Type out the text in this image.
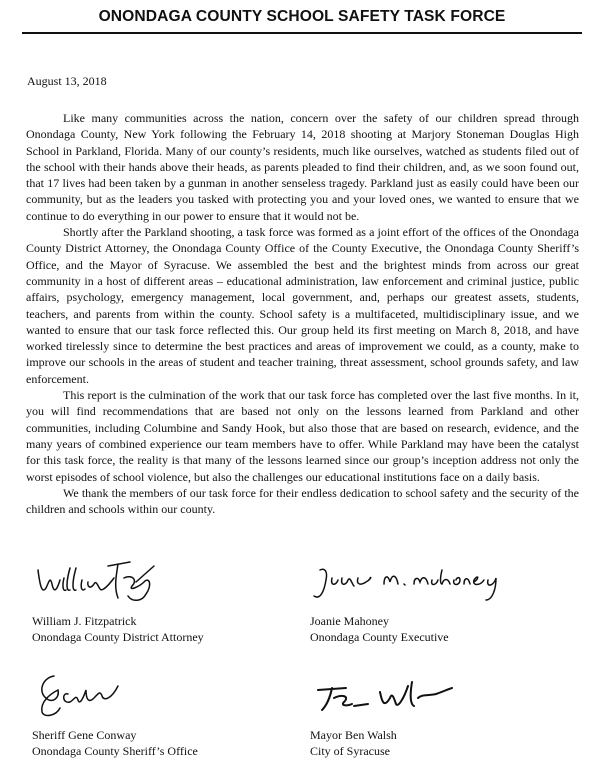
ONONDAGA COUNTY SCHOOL SAFETY TASK FORCE
August 13, 2018

Like many communities across the nation, concern over the safety of our children spread through Onondaga County, New York following the February 14, 2018 shooting at Marjory Stoneman Douglas High School in Parkland, Florida. Many of our county’s residents, much like ourselves, watched as students filed out of the school with their hands above their heads, as parents pleaded to find their children, and, as we soon found out, that 17 lives had been taken by a gunman in another senseless tragedy. Parkland just as easily could have been our community, but as the leaders you tasked with protecting you and your loved ones, we wanted to ensure that we continue to do everything in our power to ensure that it would not be.

Shortly after the Parkland shooting, a task force was formed as a joint effort of the offices of the Onondaga County District Attorney, the Onondaga County Office of the County Executive, the Onondaga County Sheriff’s Office, and the Mayor of Syracuse. We assembled the best and the brightest minds from across our great community in a host of different areas – educational administration, law enforcement and criminal justice, public affairs, psychology, emergency management, local government, and, perhaps our greatest assets, students, teachers, and parents from within the county. School safety is a multifaceted, multidisciplinary issue, and we wanted to ensure that our task force reflected this. Our group held its first meeting on March 8, 2018, and have worked tirelessly since to determine the best practices and areas of improvement we could, as a county, make to improve our schools in the areas of student and teacher training, threat assessment, school grounds safety, and law enforcement.

This report is the culmination of the work that our task force has completed over the last five months. In it, you will find recommendations that are based not only on the lessons learned from Parkland and other communities, including Columbine and Sandy Hook, but also those that are based on research, evidence, and the many years of combined experience our team members have to offer. While Parkland may have been the catalyst for this task force, the reality is that many of the lessons learned since our group’s inception address not only the worst episodes of school violence, but also the challenges our educational institutions face on a daily basis.

We thank the members of our task force for their endless dedication to school safety and the security of the children and schools within our county.

William J. Fitzpatrick
Onondaga County District Attorney
Joanie Mahoney
Onondaga County Executive
Sheriff Gene Conway
Onondaga County Sheriff’s Office
Mayor Ben Walsh
City of Syracuse
